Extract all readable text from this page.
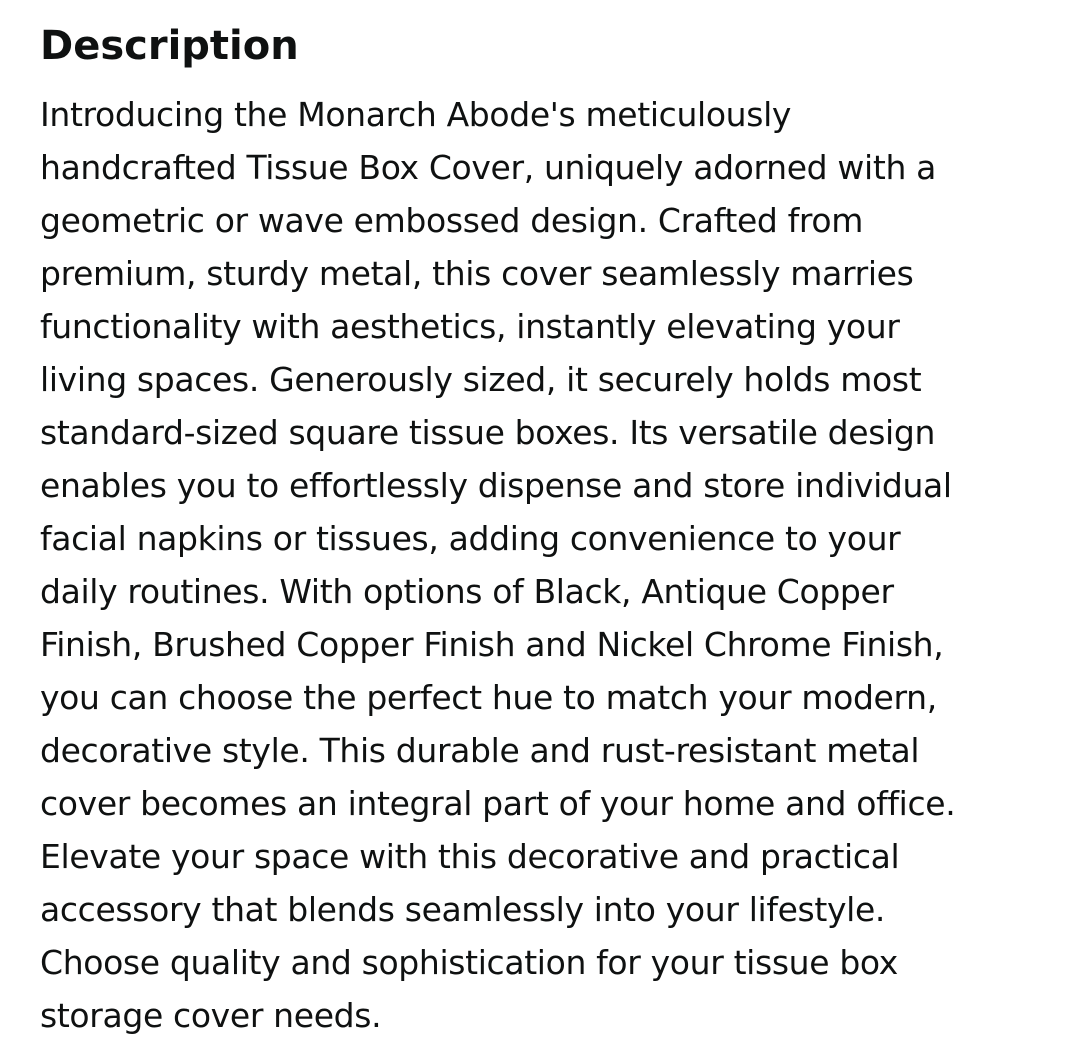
Description
Introducing the Monarch Abode's meticulously
handcrafted Tissue Box Cover, uniquely adorned with a
geometric or wave embossed design. Crafted from
premium, sturdy metal, this cover seamlessly marries
functionality with aesthetics, instantly elevating your
living spaces. Generously sized, it securely holds most
standard-sized square tissue boxes. Its versatile design
enables you to effortlessly dispense and store individual
facial napkins or tissues, adding convenience to your
daily routines. With options of Black, Antique Copper
Finish, Brushed Copper Finish and Nickel Chrome Finish,
you can choose the perfect hue to match your modern,
decorative style. This durable and rust-resistant metal
cover becomes an integral part of your home and office.
Elevate your space with this decorative and practical
accessory that blends seamlessly into your lifestyle.
Choose quality and sophistication for your tissue box
storage cover needs.
